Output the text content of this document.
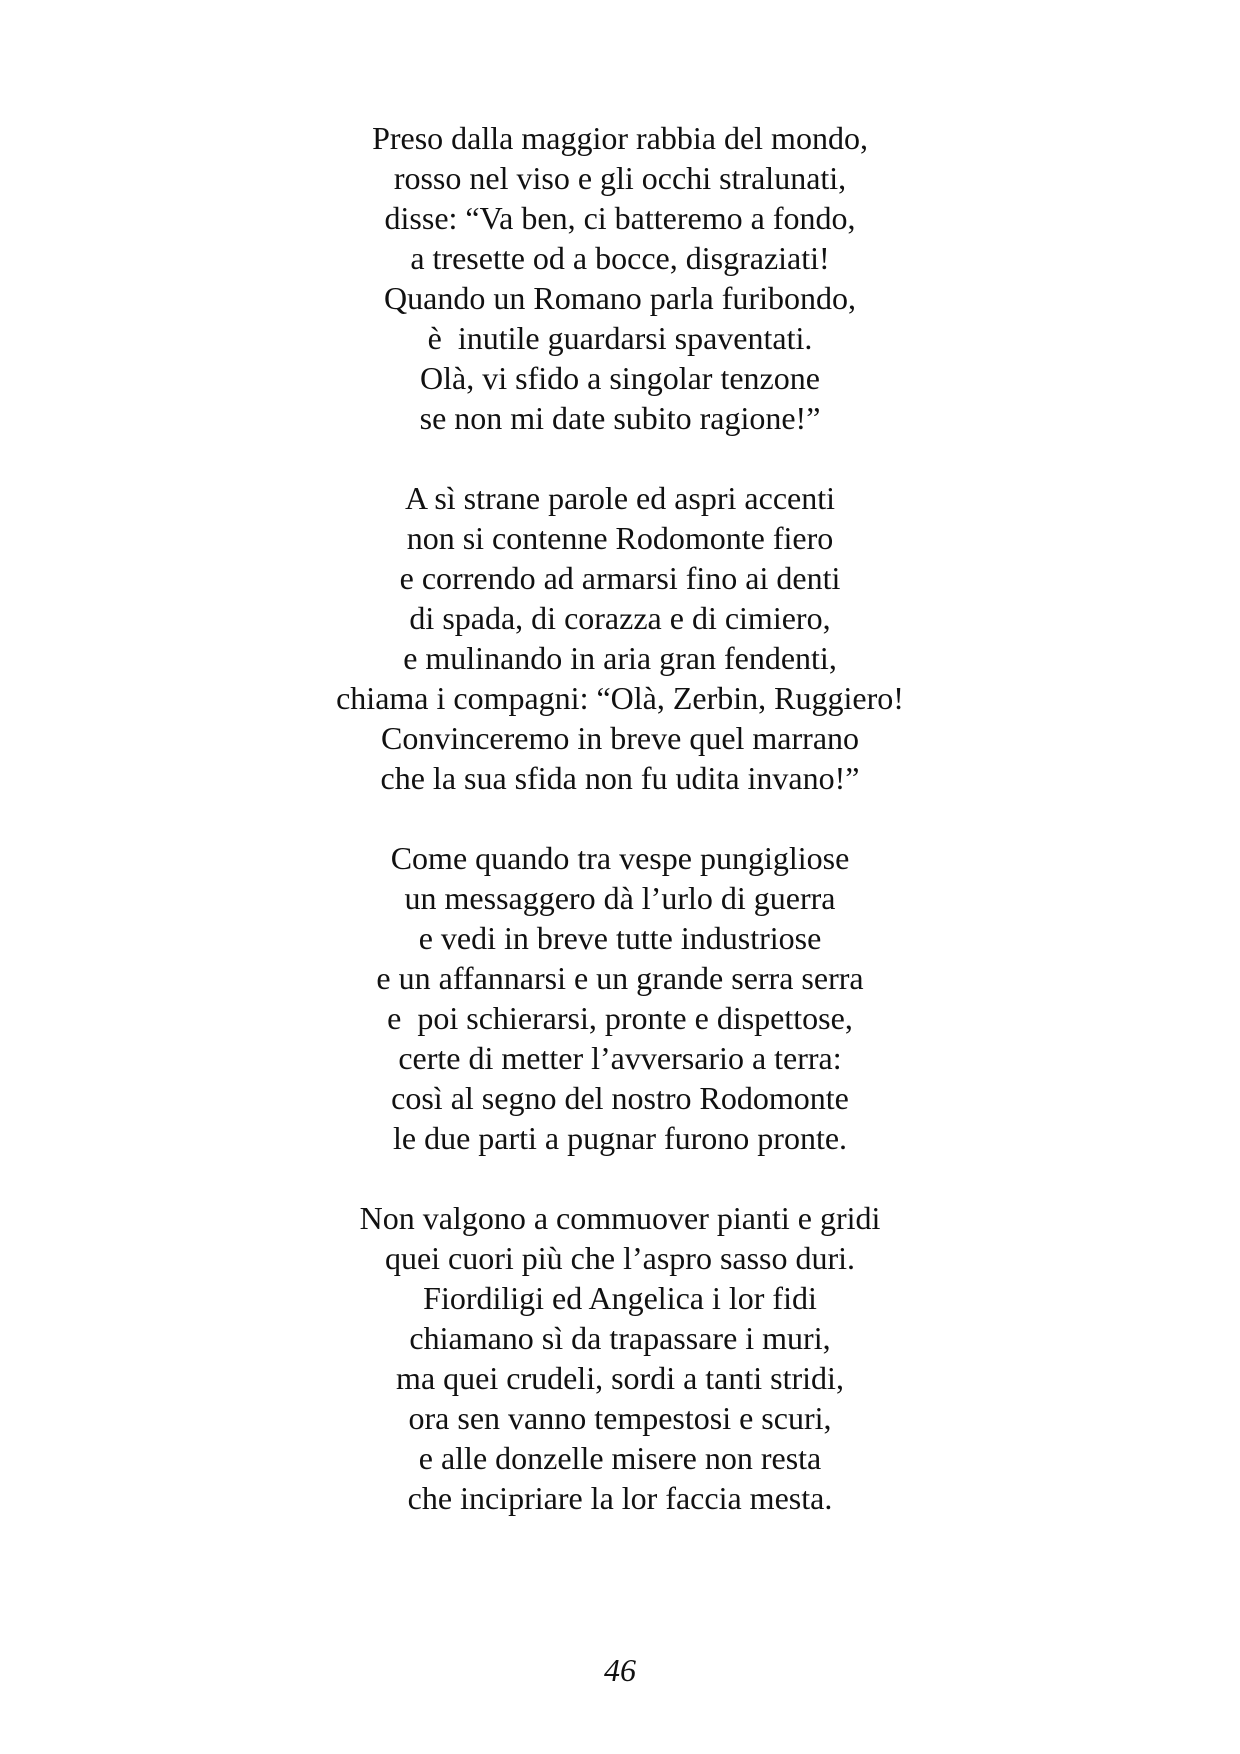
Preso dalla maggior rabbia del mondo,
rosso nel viso e gli occhi stralunati,
disse: “Va ben, ci batteremo a fondo,
a tresette od a bocce, disgraziati!
Quando un Romano parla furibondo,
è  inutile guardarsi spaventati.
Olà, vi sfido a singolar tenzone
se non mi date subito ragione!”
A sì strane parole ed aspri accenti
non si contenne Rodomonte fiero
e correndo ad armarsi fino ai denti
di spada, di corazza e di cimiero,
e mulinando in aria gran fendenti,
chiama i compagni: “Olà, Zerbin, Ruggiero!
Convinceremo in breve quel marrano
che la sua sfida non fu udita invano!”
Come quando tra vespe pungigliose
un messaggero dà l’urlo di guerra
e vedi in breve tutte industriose
e un affannarsi e un grande serra serra
e  poi schierarsi, pronte e dispettose,
certe di metter l’avversario a terra:
così al segno del nostro Rodomonte
le due parti a pugnar furono pronte.
Non valgono a commuover pianti e gridi
quei cuori più che l’aspro sasso duri.
Fiordiligi ed Angelica i lor fidi
chiamano sì da trapassare i muri,
ma quei crudeli, sordi a tanti stridi,
ora sen vanno tempestosi e scuri,
e alle donzelle misere non resta
che incipriare la lor faccia mesta.
46
